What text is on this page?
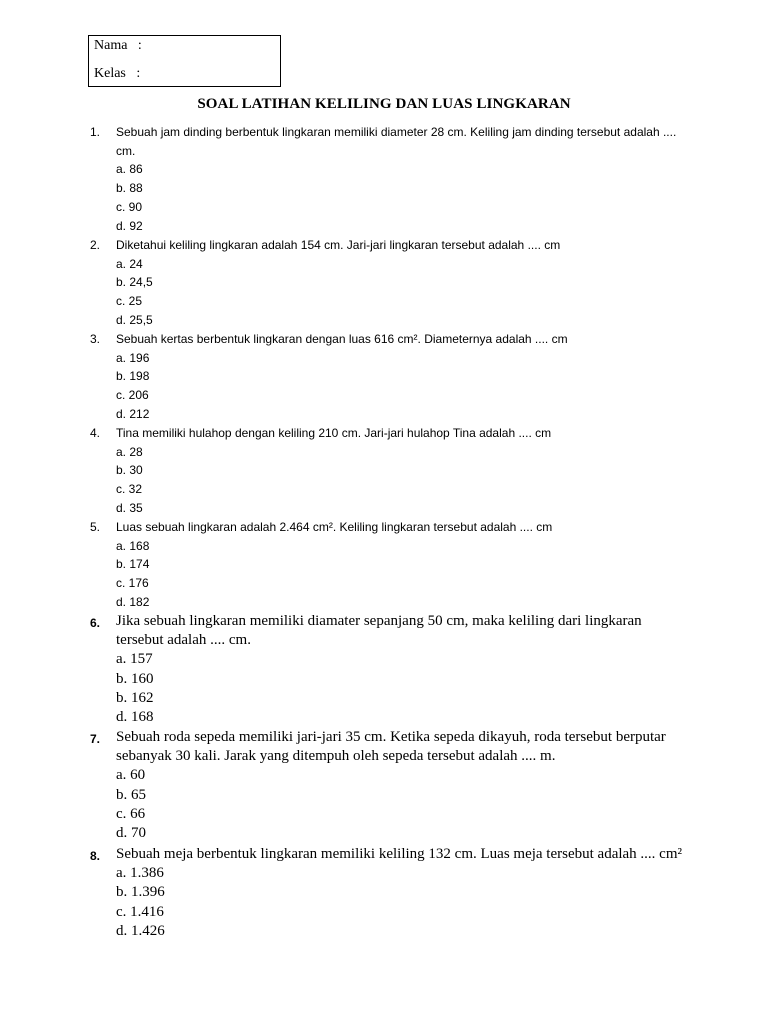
Nama   :
Kelas   :
SOAL LATIHAN KELILING DAN LUAS LINGKARAN
1. Sebuah jam dinding berbentuk lingkaran memiliki diameter 28 cm. Keliling jam dinding tersebut adalah .... cm.
a. 86
b. 88
c. 90
d. 92
2. Diketahui keliling lingkaran adalah 154 cm. Jari-jari lingkaran tersebut adalah .... cm
a. 24
b. 24,5
c. 25
d. 25,5
3. Sebuah kertas berbentuk lingkaran dengan luas 616 cm². Diameternya adalah .... cm
a. 196
b. 198
c. 206
d. 212
4. Tina memiliki hulahop dengan keliling 210 cm. Jari-jari hulahop Tina adalah .... cm
a. 28
b. 30
c. 32
d. 35
5. Luas sebuah lingkaran adalah 2.464 cm². Keliling lingkaran tersebut adalah .... cm
a. 168
b. 174
c. 176
d. 182
6. Jika sebuah lingkaran memiliki diamater sepanjang 50 cm, maka keliling dari lingkaran tersebut adalah .... cm.
a. 157
b. 160
b. 162
d. 168
7. Sebuah roda sepeda memiliki jari-jari 35 cm. Ketika sepeda dikayuh, roda tersebut berputar sebanyak 30 kali. Jarak yang ditempuh oleh sepeda tersebut adalah .... m.
a. 60
b. 65
c. 66
d. 70
8. Sebuah meja berbentuk lingkaran memiliki keliling 132 cm. Luas meja tersebut adalah .... cm²
a. 1.386
b. 1.396
c. 1.416
d. 1.426
